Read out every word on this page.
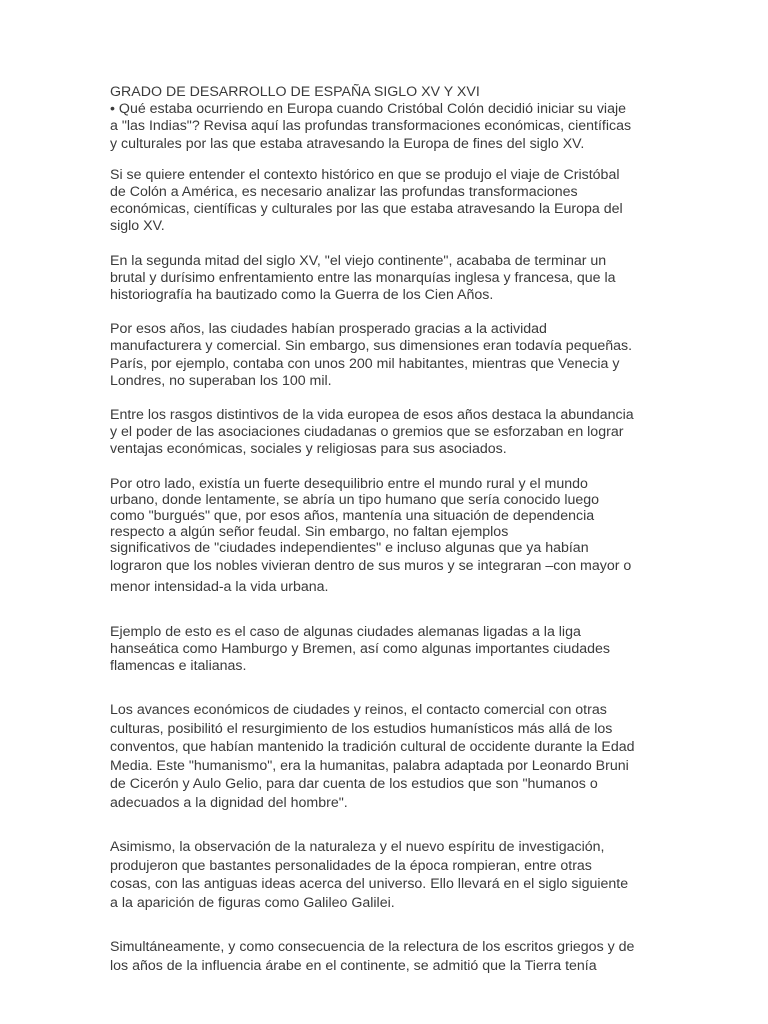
GRADO DE DESARROLLO DE ESPAÑA SIGLO XV Y XVI
• Qué estaba ocurriendo en Europa cuando Cristóbal Colón decidió iniciar su viaje
a "las Indias"? Revisa aquí las profundas transformaciones económicas, científicas
y culturales por las que estaba atravesando la Europa de fines del siglo XV.
Si se quiere entender el contexto histórico en que se produjo el viaje de Cristóbal
de Colón a América, es necesario analizar las profundas transformaciones
económicas, científicas y culturales por las que estaba atravesando la Europa del
siglo XV.
En la segunda mitad del siglo XV, "el viejo continente", acababa de terminar un
brutal y durísimo enfrentamiento entre las monarquías inglesa y francesa, que la
historiografía ha bautizado como la Guerra de los Cien Años.
Por esos años, las ciudades habían prosperado gracias a la actividad
manufacturera y comercial. Sin embargo, sus dimensiones eran todavía pequeñas.
París, por ejemplo, contaba con unos 200 mil habitantes, mientras que Venecia y
Londres, no superaban los 100 mil.
Entre los rasgos distintivos de la vida europea de esos años destaca la abundancia
y el poder de las asociaciones ciudadanas o gremios que se esforzaban en lograr
ventajas económicas, sociales y religiosas para sus asociados.
Por otro lado, existía un fuerte desequilibrio entre el mundo rural y el mundo
urbano, donde lentamente, se abría un tipo humano que sería conocido luego
como "burgués" que, por esos años, mantenía una situación de dependencia
respecto a algún señor feudal. Sin embargo, no faltan ejemplos
significativos de "ciudades independientes" e incluso algunas que ya habían
lograron que los nobles vivieran dentro de sus muros y se integraran –con mayor o
menor intensidad-a la vida urbana.
Ejemplo de esto es el caso de algunas ciudades alemanas ligadas a la liga
hanseática como Hamburgo y Bremen, así como algunas importantes ciudades
flamencas e italianas.
Los avances económicos de ciudades y reinos, el contacto comercial con otras
culturas, posibilitó el resurgimiento de los estudios humanísticos más allá de los
conventos, que habían mantenido la tradición cultural de occidente durante la Edad
Media. Este "humanismo", era la humanitas, palabra adaptada por Leonardo Bruni
de Cicerón y Aulo Gelio, para dar cuenta de los estudios que son "humanos o
adecuados a la dignidad del hombre".
Asimismo, la observación de la naturaleza y el nuevo espíritu de investigación,
produjeron que bastantes personalidades de la época rompieran, entre otras
cosas, con las antiguas ideas acerca del universo. Ello llevará en el siglo siguiente
a la aparición de figuras como Galileo Galilei.
Simultáneamente, y como consecuencia de la relectura de los escritos griegos y de
los años de la influencia árabe en el continente, se admitió que la Tierra tenía
